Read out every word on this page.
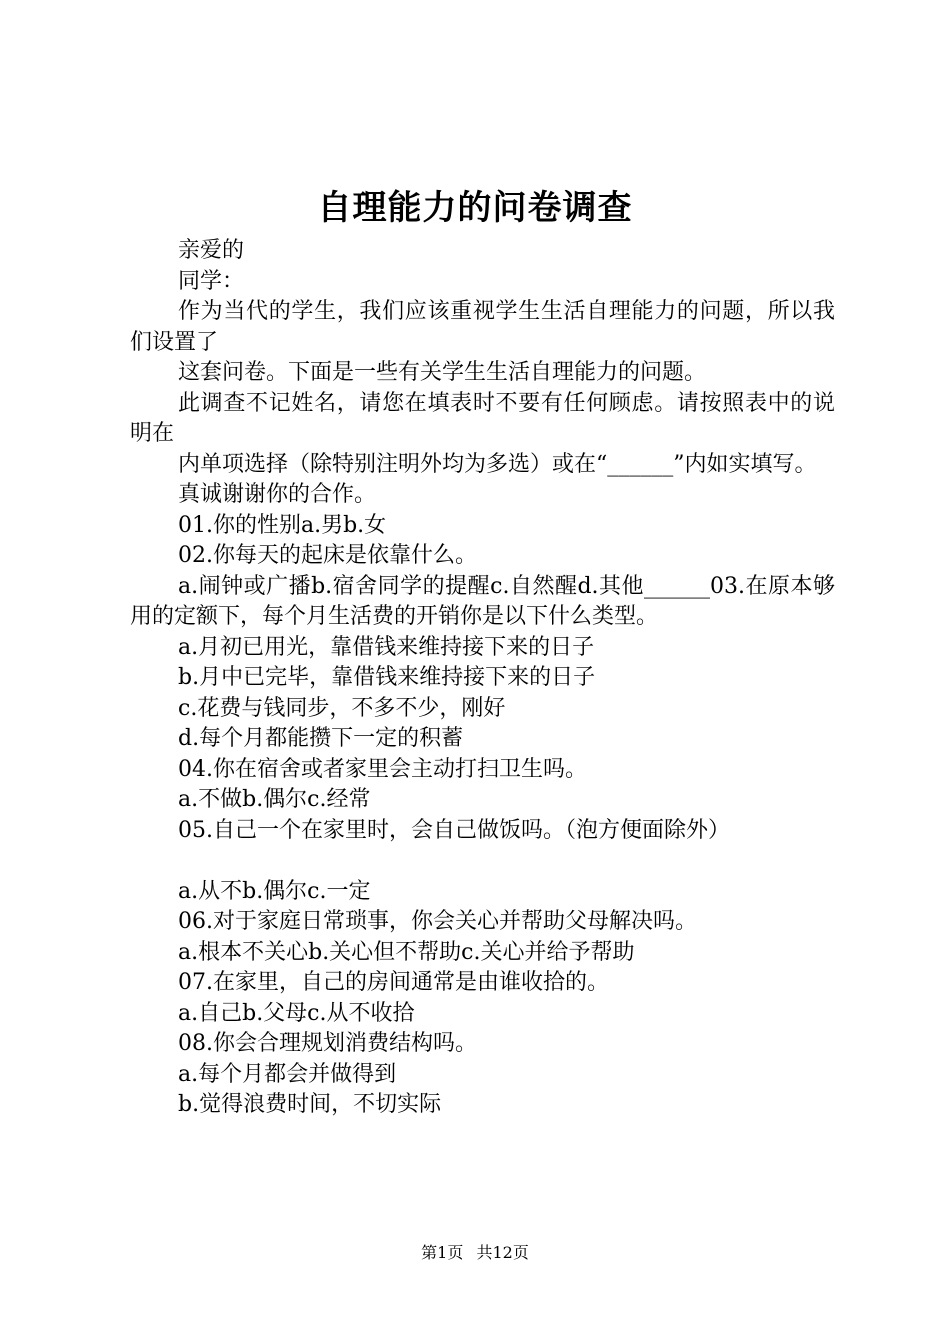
自理能力的问卷调查

亲爱的

同学：

作为当代的学生，我们应该重视学生生活自理能力的问题，所以我们设置了

这套问卷。下面是一些有关学生生活自理能力的问题。

此调查不记姓名，请您在填表时不要有任何顾虑。请按照表中的说明在

内单项选择（除特别注明外均为多选）或在“______”内如实填写。

真诚谢谢你的合作。

01.你的性别a.男b.女

02.你每天的起床是依靠什么。

a.闹钟或广播b.宿舍同学的提醒c.自然醒d.其他______03.在原本够用的定额下，每个月生活费的开销你是以下什么类型。

a.月初已用光，靠借钱来维持接下来的日子

b.月中已完毕，靠借钱来维持接下来的日子

c.花费与钱同步，不多不少，刚好

d.每个月都能攒下一定的积蓄

04.你在宿舍或者家里会主动打扫卫生吗。

a.不做b.偶尔c.经常

05.自己一个在家里时，会自己做饭吗。（泡方便面除外）

a.从不b.偶尔c.一定

06.对于家庭日常琐事，你会关心并帮助父母解决吗。

a.根本不关心b.关心但不帮助c.关心并给予帮助

07.在家里，自己的房间通常是由谁收拾的。

a.自己b.父母c.从不收拾

08.你会合理规划消费结构吗。

a.每个月都会并做得到

b.觉得浪费时间，不切实际

第1页 共12页
